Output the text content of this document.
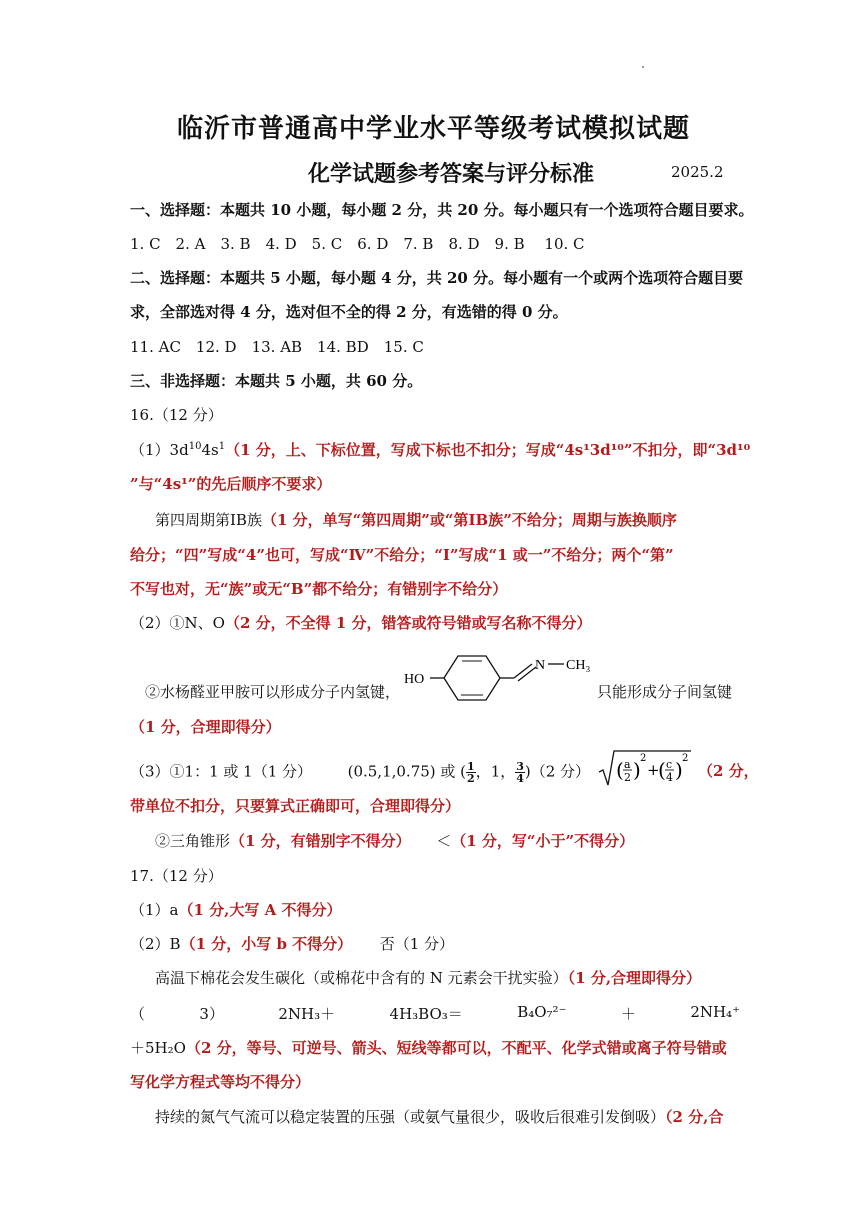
临沂市普通高中学业水平等级考试模拟试题
化学试题参考答案与评分标准	2025.2
一、选择题：本题共 10 小题，每小题 2 分，共 20 分。每小题只有一个选项符合题目要求。
1. C　2. A　3. B　4. D　5. C　6. D　7. B　8. D　9. B　 10. C
二、选择题：本题共 5 小题，每小题 4 分，共 20 分。每小题有一个或两个选项符合题目要
求，全部选对得 4 分，选对但不全的得 2 分，有选错的得 0 分。
11. AC　12. D　13. AB　14. BD　15. C
三、非选择题：本题共 5 小题，共 60 分。
16.（12 分）
$(1)3d^{10}4s^1(1$ 分，上、下标位置，写成下标也不扣分；写成“4s¹3d¹⁰”不扣分，即“3d¹⁰
”与“4s¹”的先后顺序不要求）
第四周期第ⅠB族（1 分，单写“第四周期”或“第ⅠB族”不给分；周期与族换顺序
给分；“四”写成“4”也可，写成“Ⅳ”不给分；“Ⅰ”写成“1 或一”不给分；两个“第”
不写也对，无“族”或无“B”都不给分；有错别字不给分）
（2）①N、O（2 分，不全得 1 分，错答或符号错或写名称不得分）
②水杨醛亚甲胺可以形成分子内氢键，	只能形成分子间氢键
HO
N CH₃
（1 分，合理即得分）
（3）①1：1 或 1（1 分） (0.5,1,0.75) 或 ( $\frac{1}{2}$ ，1， $\frac{3}{4} )(2$ 分） ( a
2 ) 2
+
( c
4 ) 2
（2 分，
带单位不扣分，只要算式正确即可，合理即得分）
②三角锥形（1 分，有错别字不得分） ＜（1 分，写“小于”不得分）
17.（12 分）
（1）a（1 分,大写 A 不得分）
（2）B（1 分，小写 b 不得分） 否（1 分）
高温下棉花会发生碳化（或棉花中含有的 N 元素会干扰实验）（1 分,合理即得分）
（	3）	2NH₃＋	4H₃BO₃＝	B₄O₇²⁻	＋	2NH₄⁺
＋5H₂O（2 分，等号、可逆号、箭头、短线等都可以，不配平、化学式错或离子符号错或
写化学方程式等均不得分）
持续的氮气气流可以稳定装置的压强（或氨气量很少，吸收后很难引发倒吸）（2 分,合
